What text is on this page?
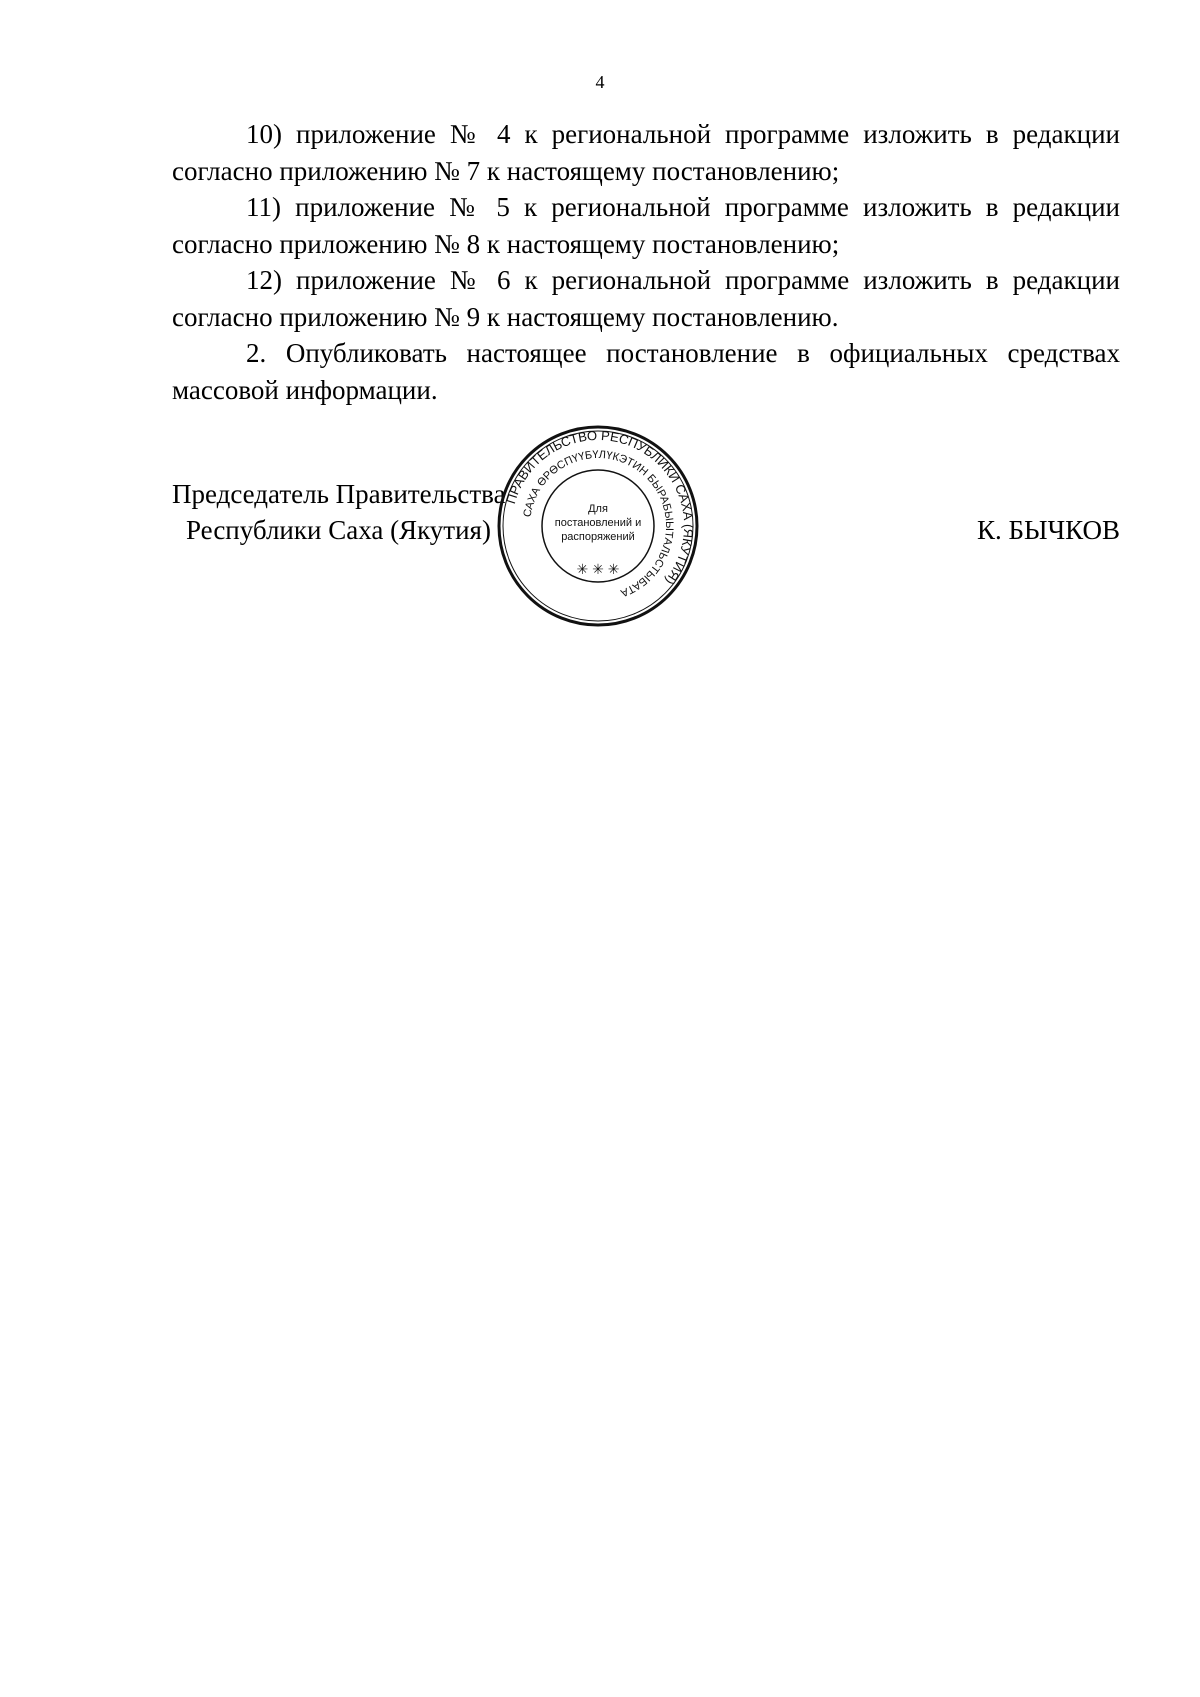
4

10) приложение № 4 к региональной программе изложить в редакции согласно приложению № 7 к настоящему постановлению;

11) приложение № 5 к региональной программе изложить в редакции согласно приложению № 8 к настоящему постановлению;

12) приложение № 6 к региональной программе изложить в редакции согласно приложению № 9 к настоящему постановлению.

2. Опубликовать настоящее постановление в официальных средствах массовой информации.

Председатель Правительства
Республики Саха (Якутия)	К. БЫЧКОВ
ПРАВИТЕЛЬСТВО РЕСПУБЛИКИ САХА (ЯКУТИЯ)
САХА ӨРӨСПҮҮБҮЛҮКЭТИН БЫРАБЫЫТАЛЬСТЫБАТА
Для
постановлений и
распоряжений
✳ ✳ ✳
